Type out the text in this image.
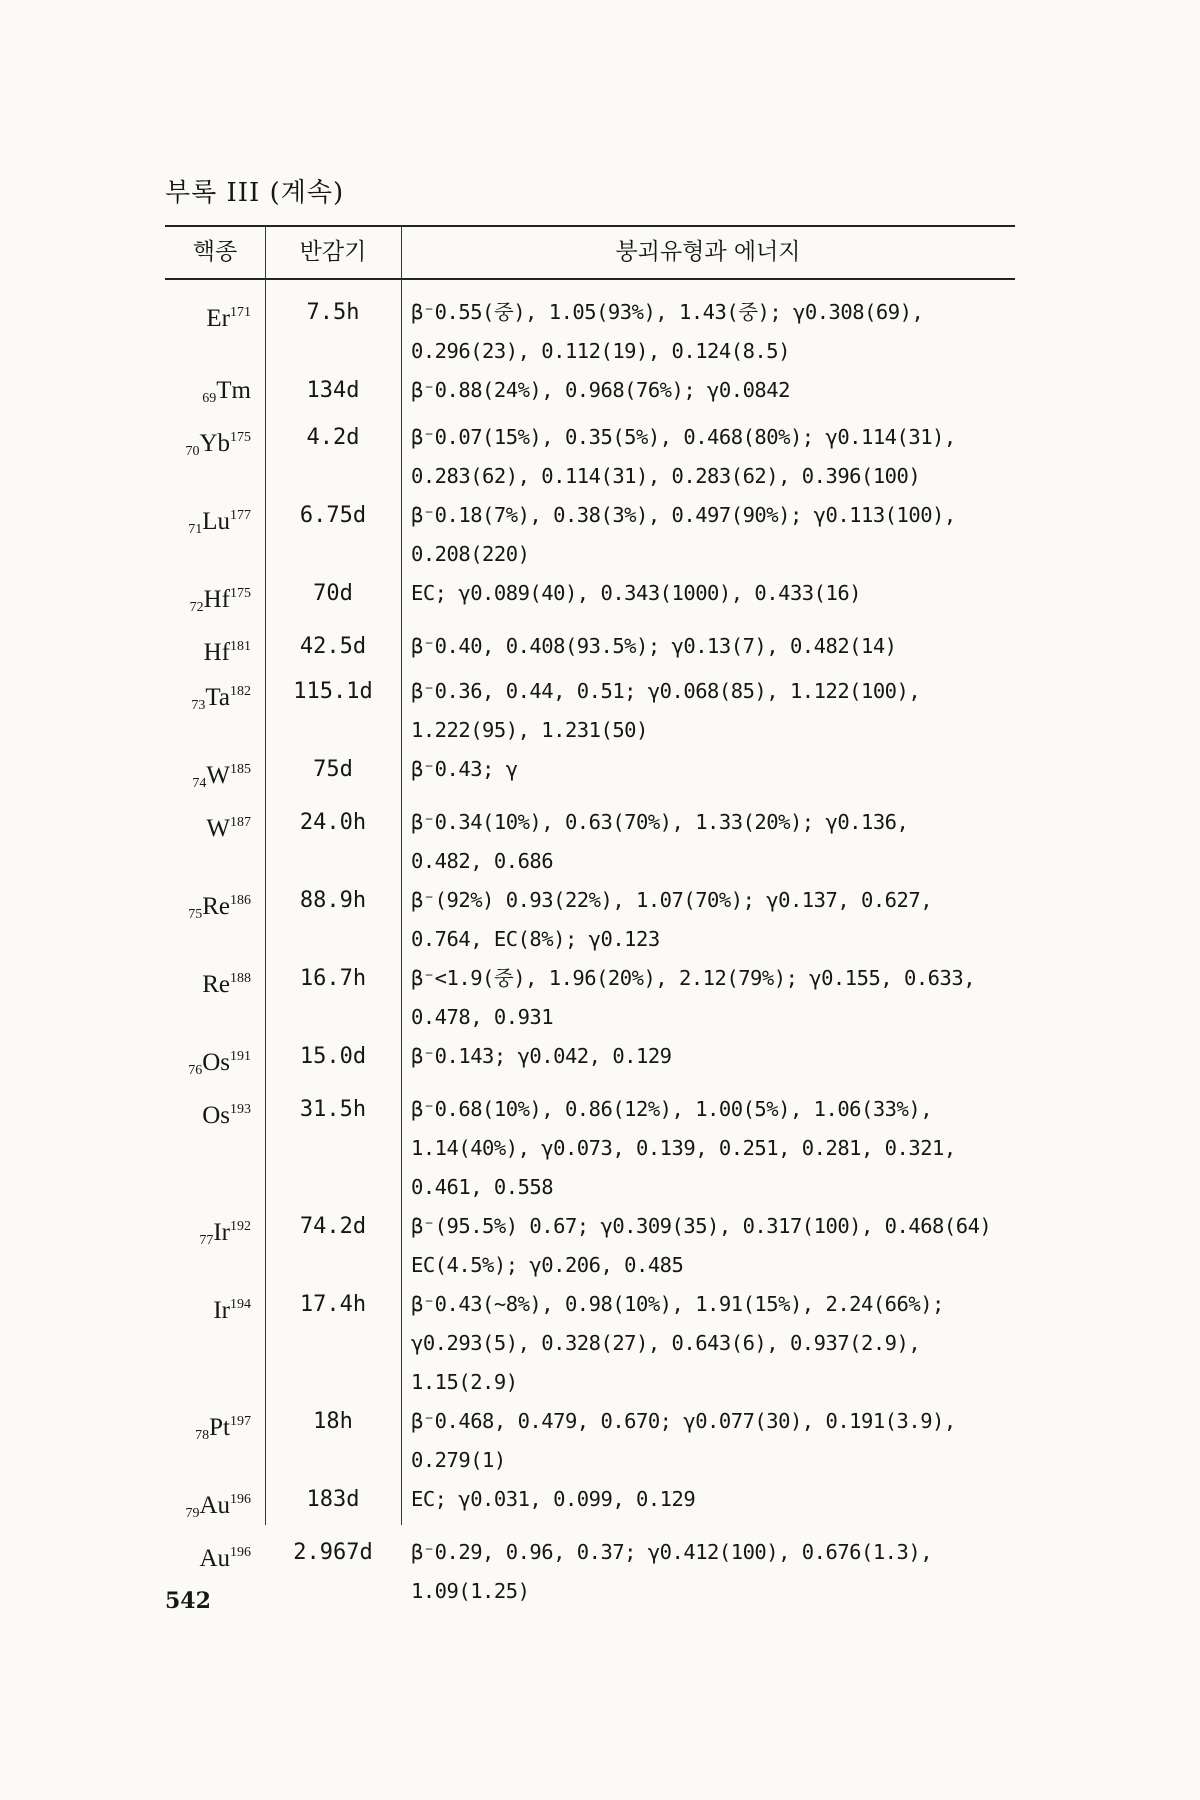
부록 III (계속)
핵종	반감기	붕괴유형과 에너지
Er$^{171}$	7.5h	β⁻0.55(중), 1.05(93%), 1.43(중); γ0.308(69),
0.296(23), 0.112(19), 0.124(8.5)
$_{69}$Tm	134d	β⁻0.88(24%), 0.968(76%); γ0.0842
$_{70}Yb^{175}$	4.2d	β⁻0.07(15%), 0.35(5%), 0.468(80%); γ0.114(31),
0.283(62), 0.114(31), 0.283(62), 0.396(100)
$_{71}Lu^{177}$	6.75d	β⁻0.18(7%), 0.38(3%), 0.497(90%); γ0.113(100),
0.208(220)
$_{72}Hf^{175}$	70d	EC; γ0.089(40), 0.343(1000), 0.433(16)
Hf$^{181}$	42.5d	β⁻0.40, 0.408(93.5%); γ0.13(7), 0.482(14)
$_{73}Ta^{182}$	115.1d	β⁻0.36, 0.44, 0.51; γ0.068(85), 1.122(100),
1.222(95), 1.231(50)
$_{74}W^{185}$	75d	β⁻0.43; γ
$W^{187}$	24.0h	β⁻0.34(10%), 0.63(70%), 1.33(20%); γ0.136,
0.482, 0.686
$_{75}Re^{186}$	88.9h	β⁻(92%) 0.93(22%), 1.07(70%); γ0.137, 0.627,
0.764, EC(8%); γ0.123
Re$^{188}$	16.7h	β⁻<1.9(중), 1.96(20%), 2.12(79%); γ0.155, 0.633,
0.478, 0.931
$_{76}Os^{191}$	15.0d	β⁻0.143; γ0.042, 0.129
Os$^{193}$	31.5h	β⁻0.68(10%), 0.86(12%), 1.00(5%), 1.06(33%),
1.14(40%), γ0.073, 0.139, 0.251, 0.281, 0.321,
0.461, 0.558
$_{77}Ir^{192}$	74.2d	β⁻(95.5%) 0.67; γ0.309(35), 0.317(100), 0.468(64)
EC(4.5%); γ0.206, 0.485
Ir$^{194}$	17.4h	β⁻0.43(~8%), 0.98(10%), 1.91(15%), 2.24(66%);
γ0.293(5), 0.328(27), 0.643(6), 0.937(2.9),
1.15(2.9)
$_{78}Pt^{197}$	18h	β⁻0.468, 0.479, 0.670; γ0.077(30), 0.191(3.9),
0.279(1)
$_{79}Au^{196}$	183d	EC; γ0.031, 0.099, 0.129
Au$^{196}$	2.967d	β⁻0.29, 0.96, 0.37; γ0.412(100), 0.676(1.3),
1.09(1.25)
542
